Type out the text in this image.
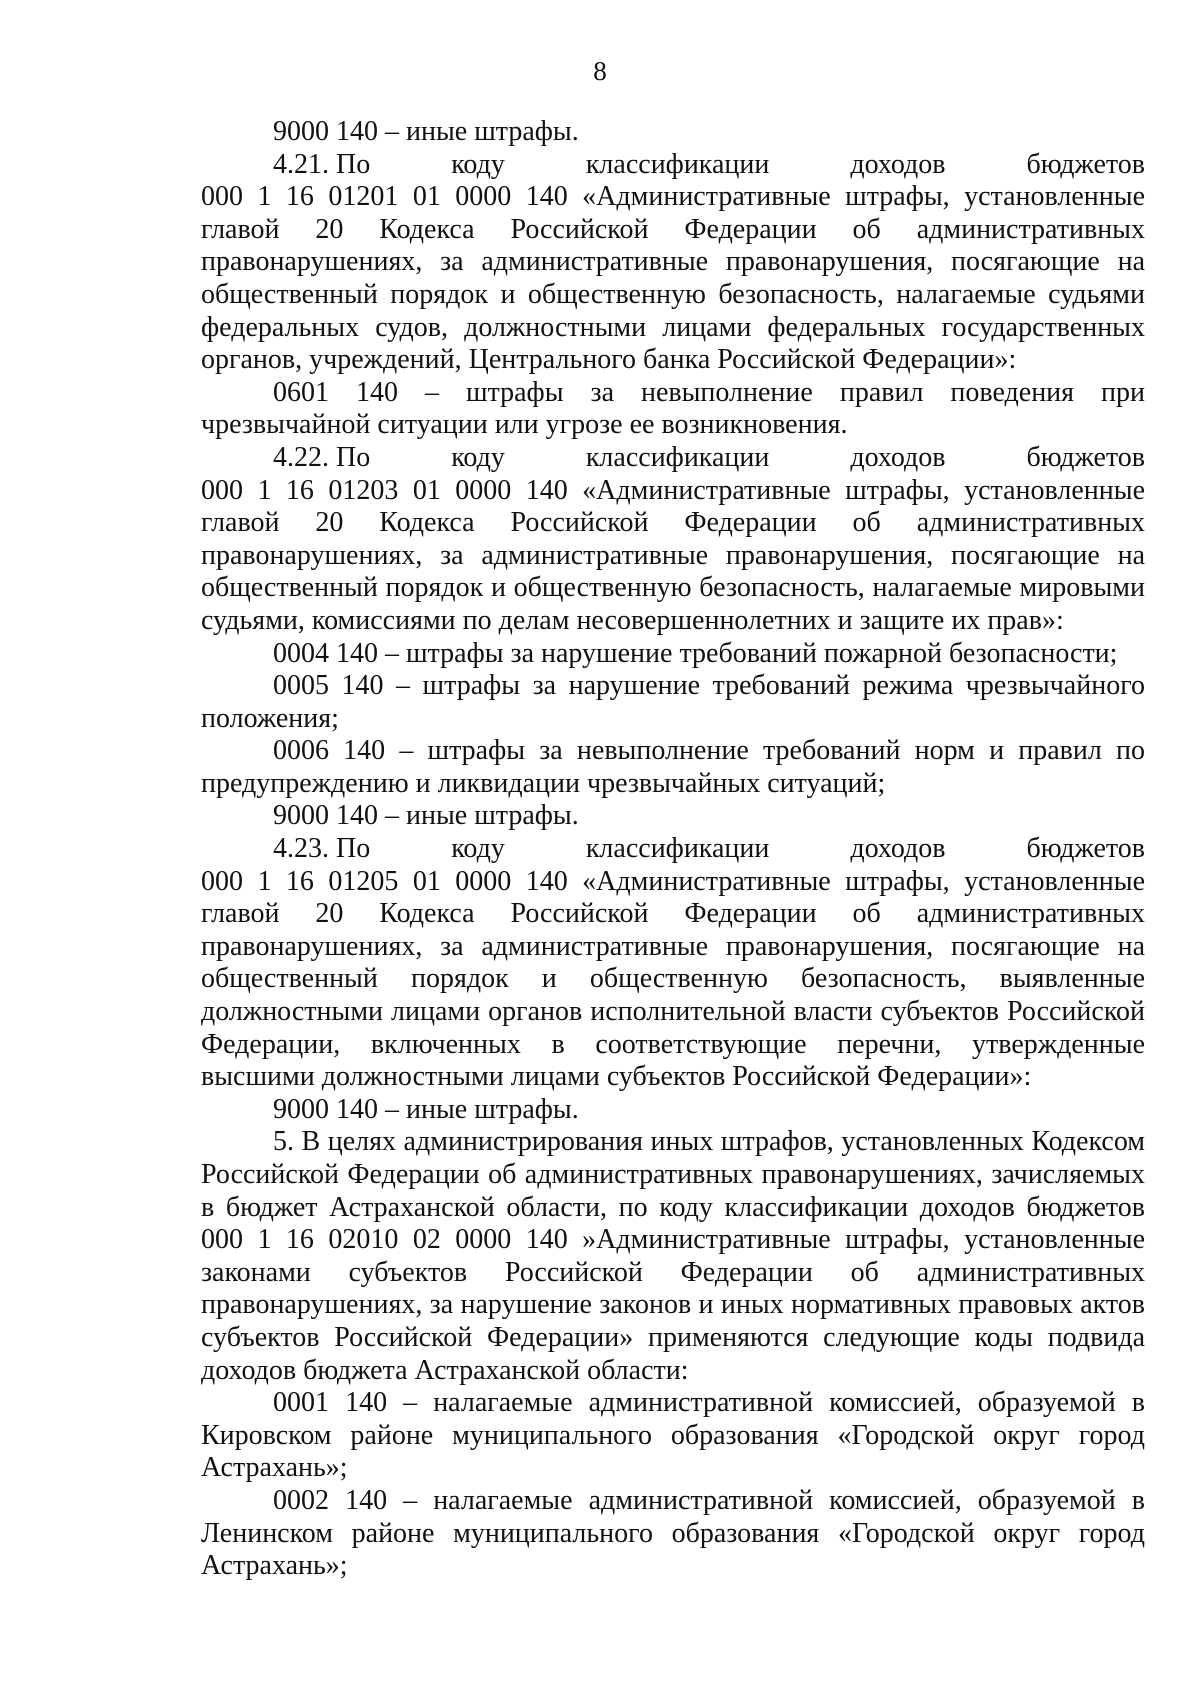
8

9000 140 – иные штрафы.

4.21. По	коду	классификации	доходов	бюджетов

000 1 16 01201 01 0000 140 «Административные штрафы, установленные главой 20 Кодекса Российской Федерации об административных правонарушениях, за административные правонарушения, посягающие на общественный порядок и общественную безопасность, налагаемые судьями федеральных судов, должностными лицами федеральных государственных органов, учреждений, Центрального банка Российской Федерации»:

0601 140 – штрафы за невыполнение правил поведения при чрезвычайной ситуации или угрозе ее возникновения.

4.22. По	коду	классификации	доходов	бюджетов

000 1 16 01203 01 0000 140 «Административные штрафы, установленные главой 20 Кодекса Российской Федерации об административных правонарушениях, за административные правонарушения, посягающие на общественный порядок и общественную безопасность, налагаемые мировыми судьями, комиссиями по делам несовершеннолетних и защите их прав»:

0004 140 – штрафы за нарушение требований пожарной безопасности;

0005 140 – штрафы за нарушение требований режима чрезвычайного положения;

0006 140 – штрафы за невыполнение требований норм и правил по предупреждению и ликвидации чрезвычайных ситуаций;

9000 140 – иные штрафы.

4.23. По	коду	классификации	доходов	бюджетов

000 1 16 01205 01 0000 140 «Административные штрафы, установленные главой 20 Кодекса Российской Федерации об административных правонарушениях, за административные правонарушения, посягающие на общественный порядок и общественную безопасность, выявленные должностными лицами органов исполнительной власти субъектов Российской Федерации, включенных в соответствующие перечни, утвержденные высшими должностными лицами субъектов Российской Федерации»:

9000 140 – иные штрафы.

5. В целях администрирования иных штрафов, установленных Кодексом Российской Федерации об административных правонарушениях, зачисляемых в бюджет Астраханской области, по коду классификации доходов бюджетов 000 1 16 02010 02 0000 140 »Административные штрафы, установленные законами субъектов Российской Федерации об административных правонарушениях, за нарушение законов и иных нормативных правовых актов субъектов Российской Федерации» применяются следующие коды подвида доходов бюджета Астраханской области:

0001 140 – налагаемые административной комиссией, образуемой в Кировском районе муниципального образования «Городской округ город Астрахань»;

0002 140 – налагаемые административной комиссией, образуемой в Ленинском районе муниципального образования «Городской округ город Астрахань»;
